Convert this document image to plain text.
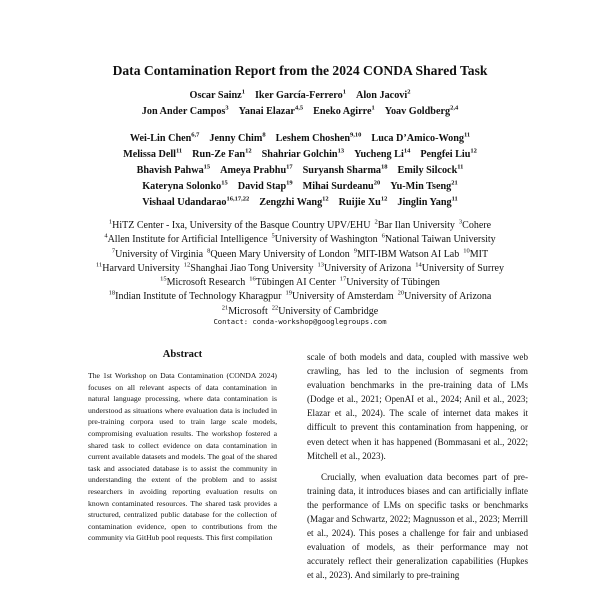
Data Contamination Report from the 2024 CONDA Shared Task
Oscar Sainz$^1$ Iker García-Ferrero$^1$ Alon Jacovi$^2$
Jon Ander Campos$^3$ Yanai Elazar$^{4,5}$ Eneko Agirre$^1$ Yoav Goldberg$^{2,4}$
Wei-Lin Chen$^{6,7}$ Jenny Chim$^8$ Leshem Choshen$^{9,10}$ Luca D’Amico-Wong$^{11}$
Melissa Dell$^{11}$ Run-Ze Fan$^{12}$ Shahriar Golchin$^{13}$ Yucheng Li$^{14}$ Pengfei Liu$^{12}$
Bhavish Pahwa$^{15}$ Ameya Prabhu$^{17}$ Suryansh Sharma$^{18}$ Emily Silcock$^{11}$
Kateryna Solonko$^{15}$ David Stap$^{19}$ Mihai Surdeanu$^{20}$ Yu-Min Tseng$^{21}$
Vishaal Udandarao$^{16,17,22}$ Zengzhi Wang$^{12}$ Ruijie Xu$^{12}$ Jinglin Yang$^{11}$
$^1$HiTZ Center - Ixa, University of the Basque Country UPV/EHU $^2$Bar Ilan University $^3$Cohere
$^4$Allen Institute for Artificial Intelligence $^5$University of Washington $^6$National Taiwan University
$^7$University of Virginia $^8$Queen Mary University of London $^9$MIT-IBM Watson AI Lab $^{10}$MIT
$^{11}$Harvard University $^{12}$Shanghai Jiao Tong University $^{13}$University of Arizona $^{14}$University of Surrey
$^{15}$Microsoft Research $^{16}$Tübingen AI Center $^{17}$University of Tübingen
$^{18}$Indian Institute of Technology Kharagpur $^{19}$University of Amsterdam $^{20}$University of Arizona
$^{21}$Microsoft $^{22}$University of Cambridge
Contact: conda-workshop@googlegroups.com
Abstract
The 1st Workshop on Data Contamination (CONDA 2024) focuses on all relevant aspects of data contamination in natural language processing, where data contamination is understood as situations where evaluation data is included in pre-training corpora used to train large scale models, compromising evaluation results. The workshop fostered a shared task to collect evidence on data contamination in current available datasets and models. The goal of the shared task and associated database is to assist the community in understanding the extent of the problem and to assist researchers in avoiding reporting evaluation results on known contaminated resources. The shared task provides a structured, centralized public database for the collection of contamination evidence, open to contributions from the community via GitHub pool requests. This first compilation

scale of both models and data, coupled with massive web crawling, has led to the inclusion of segments from evaluation benchmarks in the pre-training data of LMs (Dodge et al., 2021; OpenAI et al., 2024; Anil et al., 2023; Elazar et al., 2024). The scale of internet data makes it difficult to prevent this contamination from happening, or even detect when it has happened (Bommasani et al., 2022; Mitchell et al., 2023).

Crucially, when evaluation data becomes part of pre-training data, it introduces biases and can artificially inflate the performance of LMs on specific tasks or benchmarks (Magar and Schwartz, 2022; Magnusson et al., 2023; Merrill et al., 2024). This poses a challenge for fair and unbiased evaluation of models, as their performance may not accurately reflect their generalization capabilities (Hupkes et al., 2023). And similarly to pre-training
